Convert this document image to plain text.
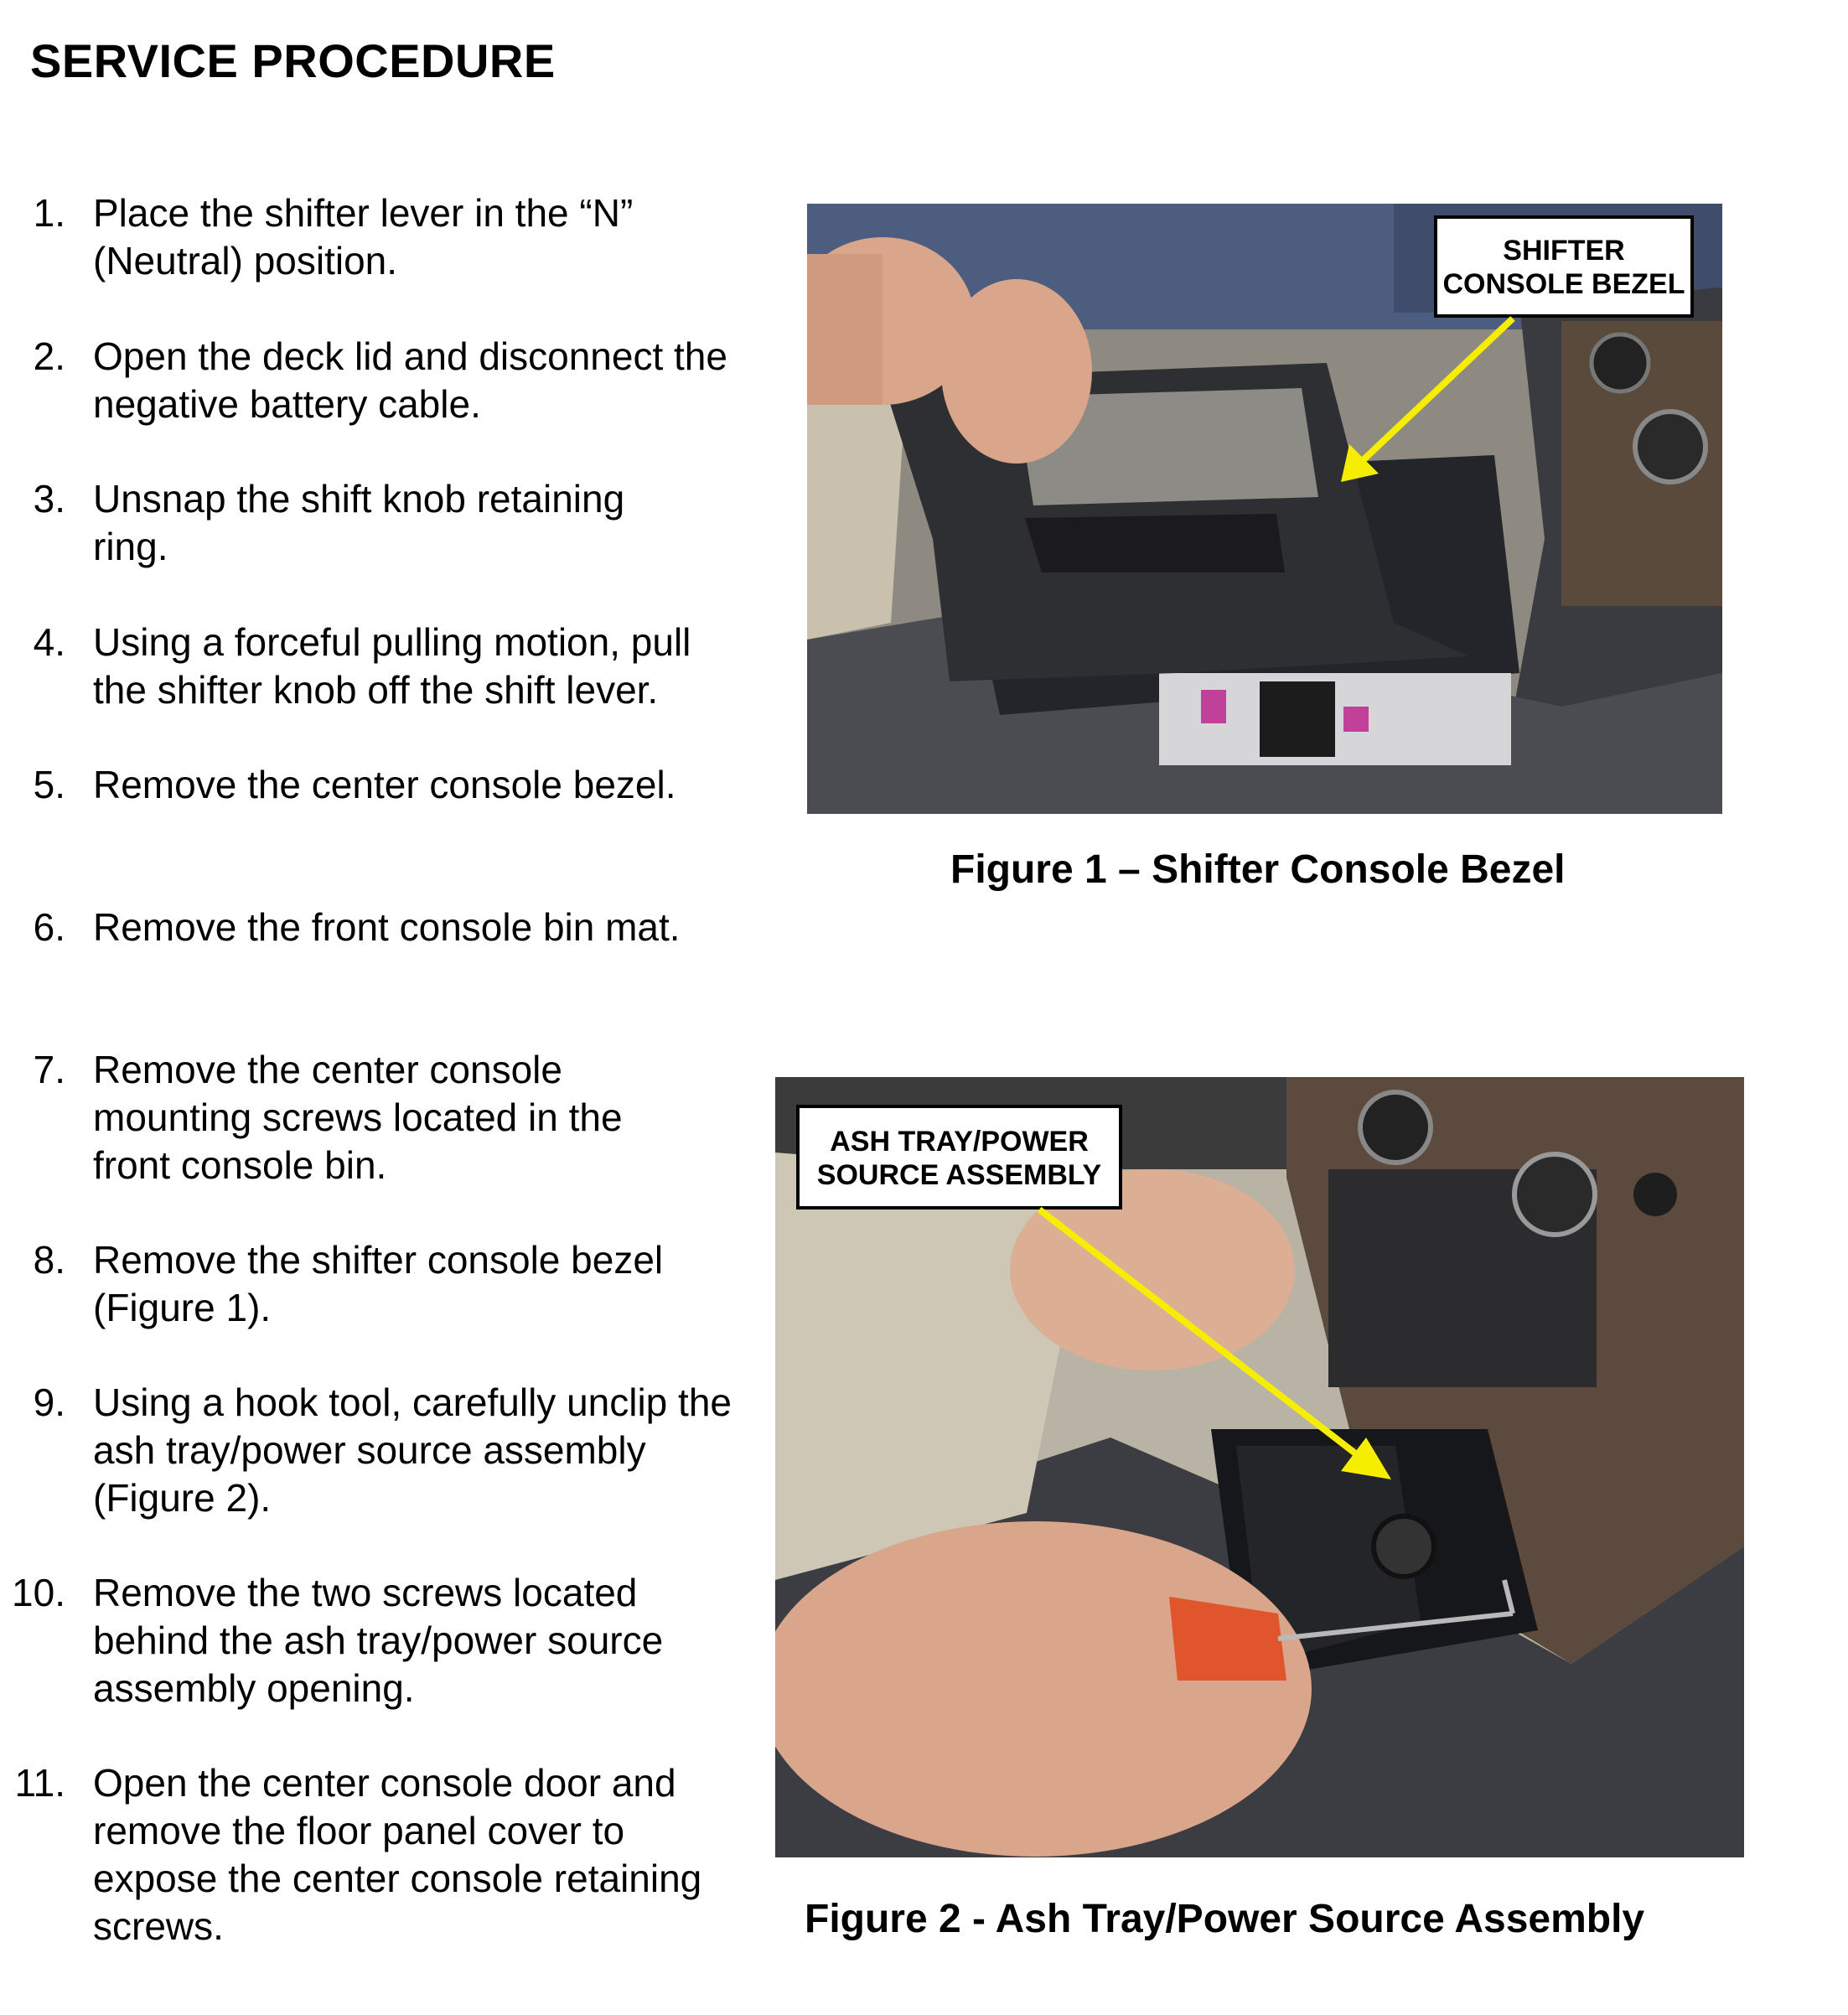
SERVICE PROCEDURE
1. Place the shifter lever in the “N” (Neutral) position.
2. Open the deck lid and disconnect the negative battery cable.
3. Unsnap the shift knob retaining ring.
4. Using a forceful pulling motion, pull the shifter knob off the shift lever.
5. Remove the center console bezel.
6. Remove the front console bin mat.
7. Remove the center console mounting screws located in the front console bin.
8. Remove the shifter console bezel (Figure 1).
9. Using a hook tool, carefully unclip the ash tray/power source assembly (Figure 2).
10. Remove the two screws located behind the ash tray/power source assembly opening.
11. Open the center console door and remove the floor panel cover to expose the center console retaining screws.
SHIFTER
CONSOLE BEZEL
Figure 1 – Shifter Console Bezel
ASH TRAY/POWER
SOURCE ASSEMBLY
Figure 2 - Ash Tray/Power Source Assembly
